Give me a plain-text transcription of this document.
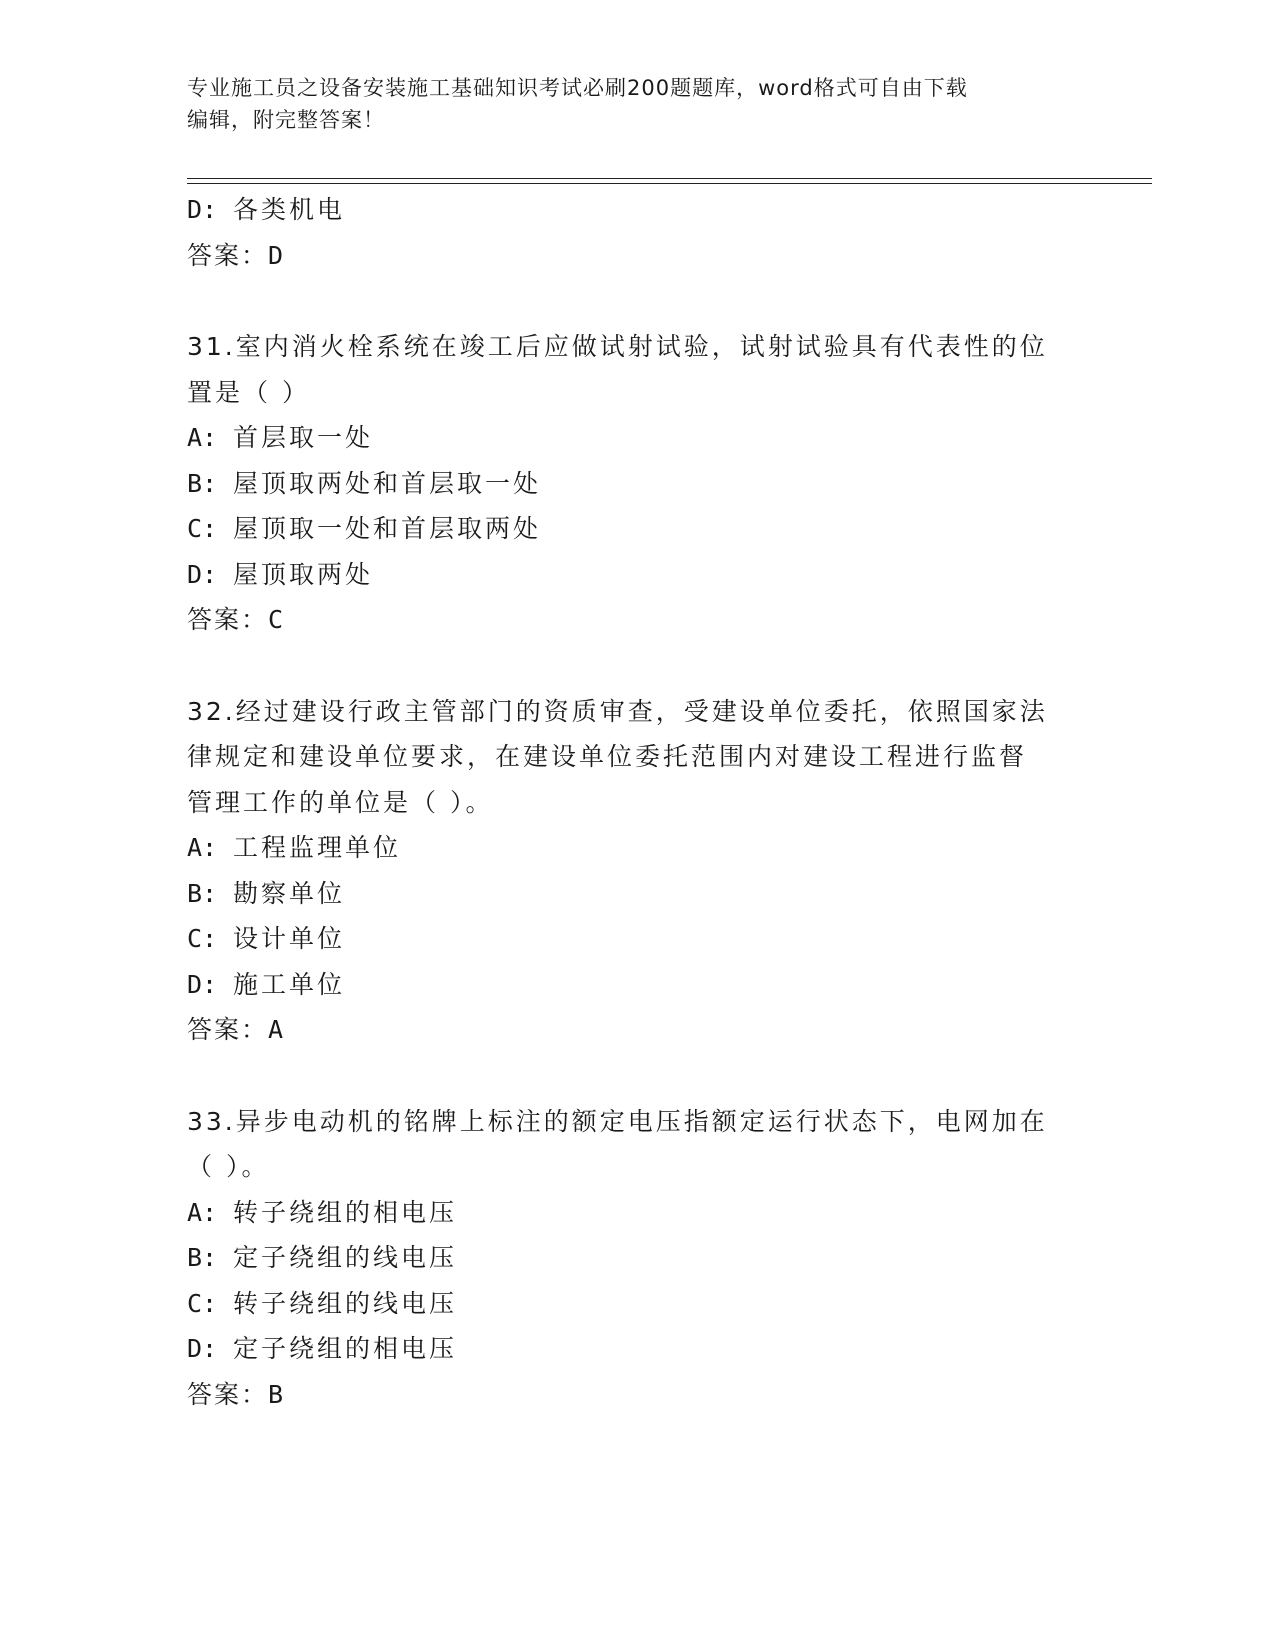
专业施工员之设备安装施工基础知识考试必刷200题题库，word格式可自由下载
编辑，附完整答案！
D: 各类机电
答案：D
31.室内消火栓系统在竣工后应做试射试验，试射试验具有代表性的位
置是（ ）
A: 首层取一处
B: 屋顶取两处和首层取一处
C: 屋顶取一处和首层取两处
D: 屋顶取两处
答案：C
32.经过建设行政主管部门的资质审查，受建设单位委托，依照国家法
律规定和建设单位要求，在建设单位委托范围内对建设工程进行监督
管理工作的单位是（ ）。
A: 工程监理单位
B: 勘察单位
C: 设计单位
D: 施工单位
答案：A
33.异步电动机的铭牌上标注的额定电压指额定运行状态下，电网加在
（ ）。
A: 转子绕组的相电压
B: 定子绕组的线电压
C: 转子绕组的线电压
D: 定子绕组的相电压
答案：B
